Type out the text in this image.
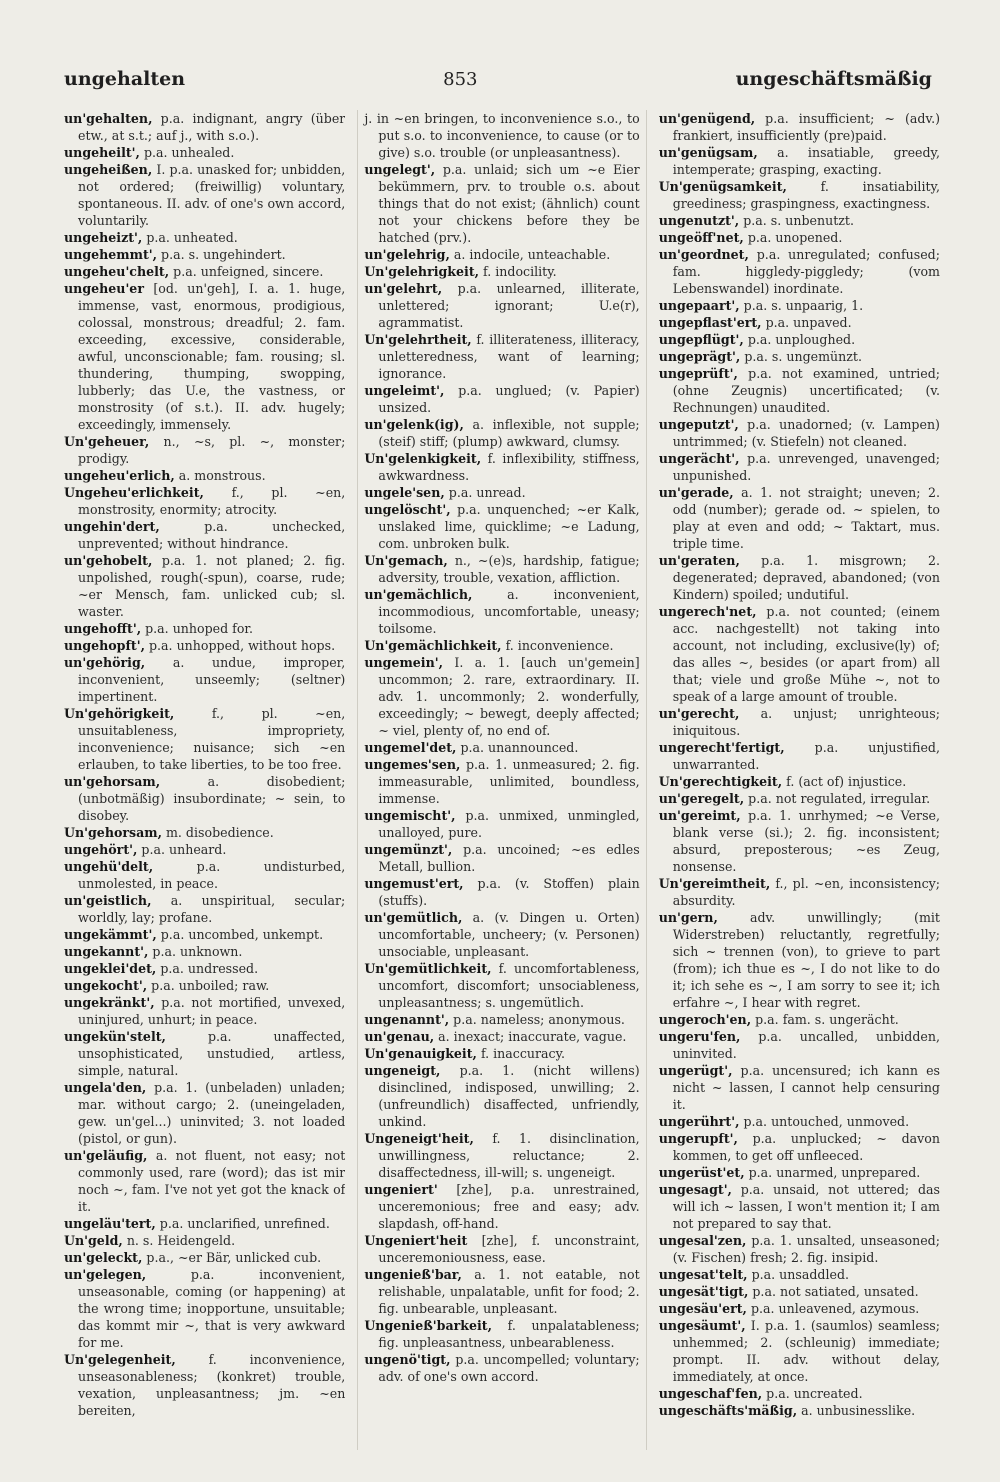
ungehalten	853	ungeschäftsmäßig

un'gehalten, p.a. indignant, angry (über etw., at s.t.; auf j., with s.o.).

ungeheilt', p.a. unhealed.

ungeheißen, I. p.a. unasked for; unbidden, not ordered; (freiwillig) voluntary, spontaneous. II. adv. of one's own accord, voluntarily.

ungeheizt', p.a. unheated.

ungehemmt', p.a. s. ungehindert.

ungeheu'chelt, p.a. unfeigned, sincere.

ungeheu'er [od. un'geh], I. a. 1. huge, immense, vast, enormous, prodigious, colossal, monstrous; dreadful; 2. fam. exceeding, excessive, considerable, awful, unconscionable; fam. rousing; sl. thundering, thumping, swopping, lubberly; das U.e, the vastness, or monstrosity (of s.t.). II. adv. hugely; exceedingly, immensely.

Un'geheuer, n., ~s, pl. ~, monster; prodigy.

ungeheu'erlich, a. monstrous.

Ungeheu'erlichkeit, f., pl. ~en, monstrosity, enormity; atrocity.

ungehin'dert,	p.a. unchecked, unprevented; without hindrance.

un'gehobelt, p.a. 1. not planed; 2. fig. unpolished, rough(-spun), coarse, rude; ~er Mensch, fam. unlicked cub; sl. waster.

ungehofft', p.a. unhoped for.

ungehopft', p.a. unhopped, without hops.

un'gehörig, a. undue, improper, inconvenient, unseemly; (seltner) impertinent.

Un'gehörigkeit,	f., pl. ~en, unsuitableness, impropriety, inconvenience; nuisance; sich ~en erlauben, to take liberties, to be too free.

un'gehorsam,	a. disobedient; (unbotmäßig) insubordinate; ~ sein, to disobey.

Un'gehorsam, m. disobedience.

ungehört', p.a. unheard.

ungehü'delt,	p.a. undisturbed, unmolested, in peace.

un'geistlich, a. unspiritual, secular; worldly, lay; profane.

ungekämmt', p.a. uncombed, unkempt.

ungekannt', p.a. unknown.

ungeklei'det, p.a. undressed.

ungekocht', p.a. unboiled; raw.

ungekränkt', p.a. not mortified, unvexed, uninjured, unhurt; in peace.

ungekün'stelt,	p.a. unaffected, unsophisticated, unstudied, artless, simple, natural.

ungela'den, p.a. 1. (unbeladen) unladen; mar. without cargo; 2. (uneingeladen, gew. un'gel...) uninvited; 3. not loaded (pistol, or gun).

un'geläufig, a. not fluent, not easy; not commonly used, rare (word); das ist mir noch ~, fam. I've not yet got the knack of it.

ungeläu'tert, p.a. unclarified, unrefined.

Un'geld, n. s. Heidengeld.

un'geleckt, p.a., ~er Bär, unlicked cub.

un'gelegen,	p.a. inconvenient, unseasonable, coming (or happening) at the wrong time; inopportune, unsuitable; das kommt mir ~, that is very awkward for me.

Un'gelegenheit,	f. inconvenience, unseasonableness; (konkret) trouble, vexation, unpleasantness; jm. ~en bereiten,

j. in ~en bringen, to inconvenience s.o., to put s.o. to inconvenience, to cause (or to give) s.o. trouble (or unpleasantness).

ungelegt', p.a. unlaid; sich um ~e Eier bekümmern, prv. to trouble o.s. about things that do not exist; (ähnlich) count not your chickens before they be hatched (prv.).

un'gelehrig, a. indocile, unteachable.

Un'gelehrigkeit, f. indocility.

un'gelehrt, p.a. unlearned, illiterate, unlettered; ignorant; U.e(r), agrammatist.

Un'gelehrtheit, f. illiterateness, illiteracy, unletteredness, want of learning; ignorance.

ungeleimt', p.a. unglued; (v. Papier) unsized.

un'gelenk(ig), a. inflexible, not supple; (steif) stiff; (plump) awkward, clumsy.

Un'gelenkigkeit, f. inflexibility, stiffness, awkwardness.

ungele'sen, p.a. unread.

ungelöscht', p.a. unquenched; ~er Kalk, unslaked lime, quicklime; ~e Ladung, com. unbroken bulk.

Un'gemach, n., ~(e)s, hardship, fatigue; adversity, trouble, vexation, affliction.

un'gemächlich,	a. inconvenient, incommodious, uncomfortable, uneasy; toilsome.

Un'gemächlichkeit, f. inconvenience.

ungemein', I. a. 1. [auch un'gemein] uncommon; 2. rare, extraordinary. II. adv. 1. uncommonly; 2. wonderfully, exceedingly; ~ bewegt, deeply affected; ~ viel, plenty of, no end of.

ungemel'det, p.a. unannounced.

ungemes'sen, p.a. 1. unmeasured; 2. fig. immeasurable, unlimited, boundless, immense.

ungemischt', p.a. unmixed, unmingled, unalloyed, pure.

ungemünzt', p.a. uncoined; ~es edles Metall, bullion.

ungemust'ert, p.a. (v. Stoffen) plain (stuffs).

un'gemütlich, a. (v. Dingen u. Orten) uncomfortable, uncheery; (v. Personen) unsociable, unpleasant.

Un'gemütlichkeit, f. uncomfortableness, uncomfort, discomfort; unsociableness, unpleasantness; s. ungemütlich.

ungenannt', p.a. nameless; anonymous.

un'genau, a. inexact; inaccurate, vague.

Un'genauigkeit, f. inaccuracy.

ungeneigt, p.a. 1. (nicht willens) disinclined, indisposed, unwilling; 2. (unfreundlich) disaffected, unfriendly, unkind.

Ungeneigt'heit, f. 1. disinclination, unwillingness, reluctance; 2. disaffectedness, ill-will; s. ungeneigt.

ungeniert' [zhe], p.a. unrestrained, unceremonious; free and easy; adv. slapdash, off-hand.

Ungeniert'heit [zhe], f. unconstraint, unceremoniousness, ease.

ungenieß'bar, a. 1. not eatable, not relishable, unpalatable, unfit for food; 2. fig. unbearable, unpleasant.

Ungenieß'barkeit, f. unpalatableness; fig. unpleasantness, unbearableness.

ungenö'tigt, p.a. uncompelled; voluntary; adv. of one's own accord.

un'genügend, p.a. insufficient; ~ (adv.) frankiert, insufficiently (pre)paid.

un'genügsam, a. insatiable, greedy, intemperate; grasping, exacting.

Un'genügsamkeit,	f. insatiability, greediness; graspingness, exactingness.

ungenutzt', p.a. s. unbenutzt.

ungeöff'net, p.a. unopened.

un'geordnet, p.a. unregulated; confused; fam. higgledy-piggledy; (vom Lebenswandel) inordinate.

ungepaart', p.a. s. unpaarig, 1.

ungepflast'ert, p.a. unpaved.

ungepflügt', p.a. unploughed.

ungeprägt', p.a. s. ungemünzt.

ungeprüft', p.a. not examined, untried; (ohne Zeugnis) uncertificated; (v. Rechnungen) unaudited.

ungeputzt', p.a. unadorned; (v. Lampen) untrimmed; (v. Stiefeln) not cleaned.

ungerächt', p.a. unrevenged, unavenged; unpunished.

un'gerade, a. 1. not straight; uneven; 2. odd (number); gerade od. ~ spielen, to play at even and odd; ~ Taktart, mus. triple time.

un'geraten, p.a. 1. misgrown; 2. degenerated; depraved, abandoned; (von Kindern) spoiled; undutiful.

ungerech'net, p.a. not counted; (einem acc. nachgestellt) not taking into account, not including, exclusive(ly) of; das alles ~, besides (or apart from) all that; viele und große Mühe ~, not to speak of a large amount of trouble.

un'gerecht, a. unjust; unrighteous; iniquitous.

ungerecht'fertigt, p.a. unjustified, unwarranted.

Un'gerechtigkeit, f. (act of) injustice.

un'geregelt, p.a. not regulated, irregular.

un'gereimt, p.a. 1. unrhymed; ~e Verse, blank verse (si.); 2. fig. inconsistent; absurd, preposterous; ~es Zeug, nonsense.

Un'gereimtheit, f., pl. ~en, inconsistency; absurdity.

un'gern,	adv. unwillingly; (mit Widerstreben) reluctantly, regretfully; sich ~ trennen (von), to grieve to part (from); ich thue es ~, I do not like to do it; ich sehe es ~, I am sorry to see it; ich erfahre ~, I hear with regret.

ungeroch'en, p.a. fam. s. ungerächt.

ungeru'fen, p.a. uncalled, unbidden, uninvited.

ungerügt', p.a. uncensured; ich kann es nicht ~ lassen, I cannot help censuring it.

ungerührt', p.a. untouched, unmoved.

ungerupft', p.a. unplucked; ~ davon kommen, to get off unfleeced.

ungerüst'et, p.a. unarmed, unprepared.

ungesagt', p.a. unsaid, not uttered; das will ich ~ lassen, I won't mention it; I am not prepared to say that.

ungesal'zen, p.a. 1. unsalted, unseasoned; (v. Fischen) fresh; 2. fig. insipid.

ungesat'telt, p.a. unsaddled.

ungesät'tigt, p.a. not satiated, unsated.

ungesäu'ert, p.a. unleavened, azymous.

ungesäumt', I. p.a. 1. (saumlos) seamless; unhemmed; 2. (schleunig) immediate; prompt. II. adv. without delay, immediately, at once.

ungeschaf'fen, p.a. uncreated.

ungeschäfts'mäßig, a. unbusinesslike.
